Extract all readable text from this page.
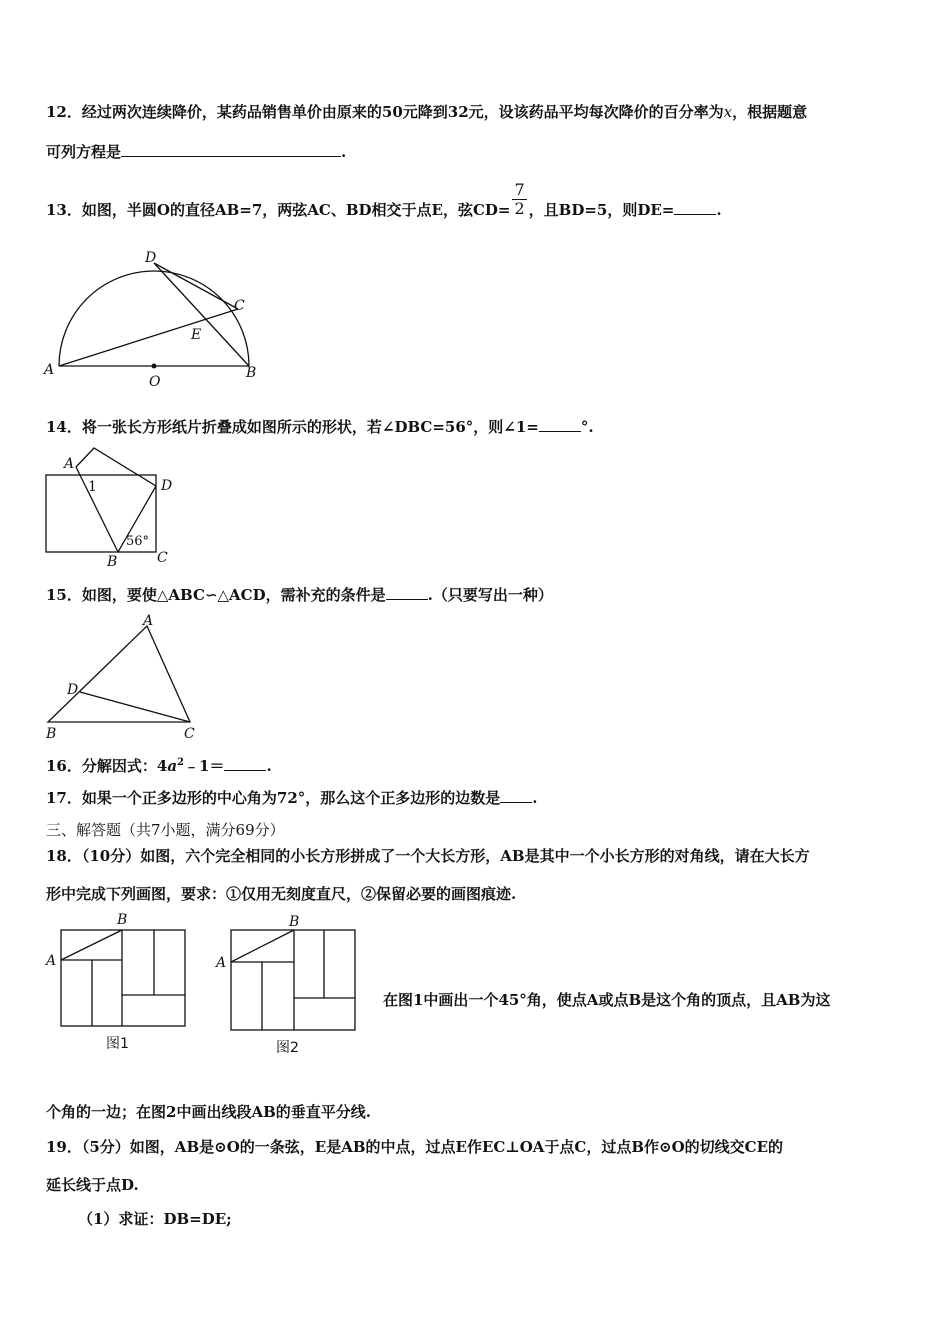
12．经过两次连续降价，某药品销售单价由原来的50元降到32元，设该药品平均每次降价的百分率为x，根据题意
可列方程是	.
13．如图，半圆O的直径AB=7，两弦AC、BD相交于点E，弦$CD= \frac{7}{2}$ ，且BD=5，则DE=	.
D
C
E
A
O
B
14．将一张长方形纸片折叠成如图所示的形状，若∠DBC=56°，则∠1=	°.
A
1	D
56°
B	C
15．如图，要使△ABC∽△ACD，需补充的条件是	.（只要写出一种）
A
D
B	C
16．分解因式：$4a^2﹣1=$	.
17．如果一个正多边形的中心角为72°，那么这个正多边形的边数是 .
三、解答题（共7小题，满分69分）
18．（10分）如图，六个完全相同的小长方形拼成了一个大长方形，AB是其中一个小长方形的对角线，请在大长方
形中完成下列画图，要求：①仅用无刻度直尺，②保留必要的画图痕迹.
A
B
图1
A
B
图2
在图1中画出一个45°角，使点A或点B是这个角的顶点，且AB为这
个角的一边；在图2中画出线段AB的垂直平分线.
19．（5分）如图，AB是⊙O的一条弦，E是AB的中点，过点E作EC⊥OA于点C，过点B作⊙O的切线交CE的
延长线于点D.
（1）求证：DB=DE;
